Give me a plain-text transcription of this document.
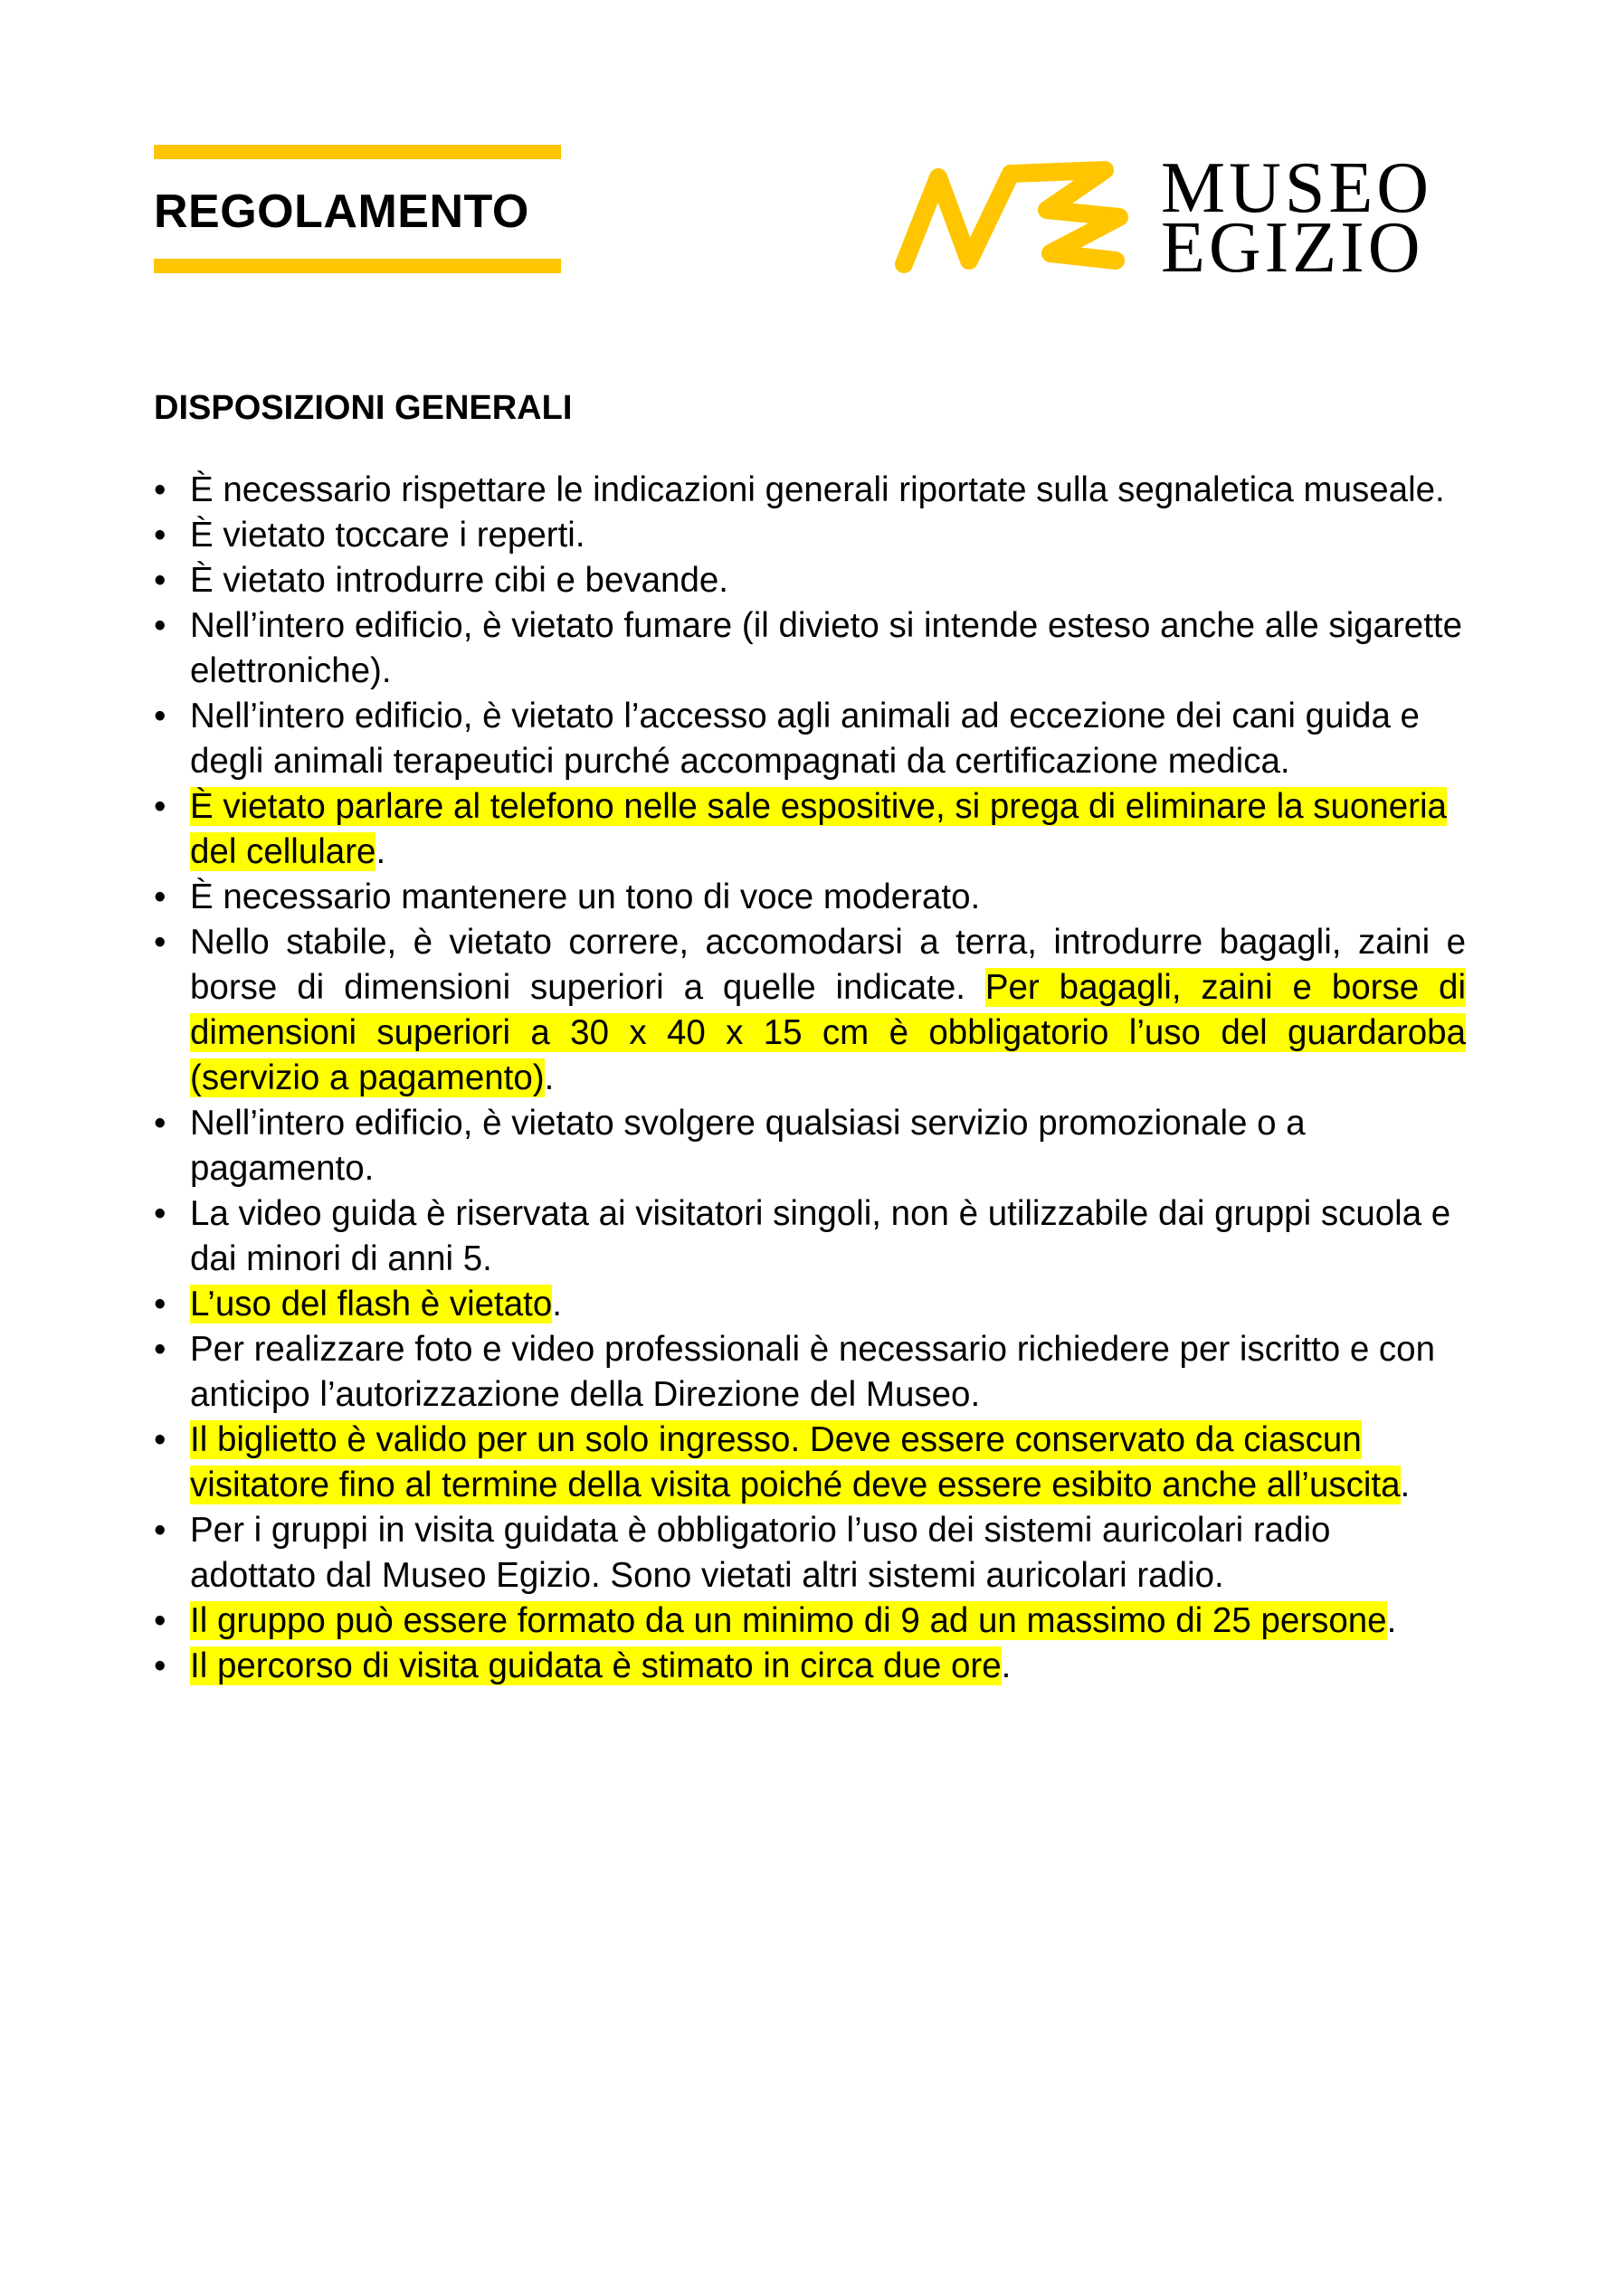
REGOLAMENTO	MUSEO
EGIZIO
DISPOSIZIONI GENERALI
• È necessario rispettare le indicazioni generali riportate sulla segnaletica museale.
• È vietato toccare i reperti.
• È vietato introdurre cibi e bevande.
• Nell’intero edificio, è vietato fumare (il divieto si intende esteso anche alle sigarette elettroniche).
• Nell’intero edificio, è vietato l’accesso agli animali ad eccezione dei cani guida e degli animali terapeutici purché accompagnati da certificazione medica.
• È vietato parlare al telefono nelle sale espositive, si prega di eliminare la suoneria del cellulare.
• È necessario mantenere un tono di voce moderato.
• Nello stabile, è vietato correre, accomodarsi a terra, introdurre bagagli, zaini e borse di dimensioni superiori a quelle indicate. Per bagagli, zaini e borse di dimensioni superiori a 30 x 40 x 15 cm è obbligatorio l’uso del guardaroba (servizio a pagamento).
• Nell’intero edificio, è vietato svolgere qualsiasi servizio promozionale o a pagamento.
• La video guida è riservata ai visitatori singoli, non è utilizzabile dai gruppi scuola e dai minori di anni 5.
• L’uso del flash è vietato.
• Per realizzare foto e video professionali è necessario richiedere per iscritto e con anticipo l’autorizzazione della Direzione del Museo.
• Il biglietto è valido per un solo ingresso. Deve essere conservato da ciascun visitatore fino al termine della visita poiché deve essere esibito anche all’uscita.
• Per i gruppi in visita guidata è obbligatorio l’uso dei sistemi auricolari radio adottato dal Museo Egizio. Sono vietati altri sistemi auricolari radio.
• Il gruppo può essere formato da un minimo di 9 ad un massimo di 25 persone.
• Il percorso di visita guidata è stimato in circa due ore.
